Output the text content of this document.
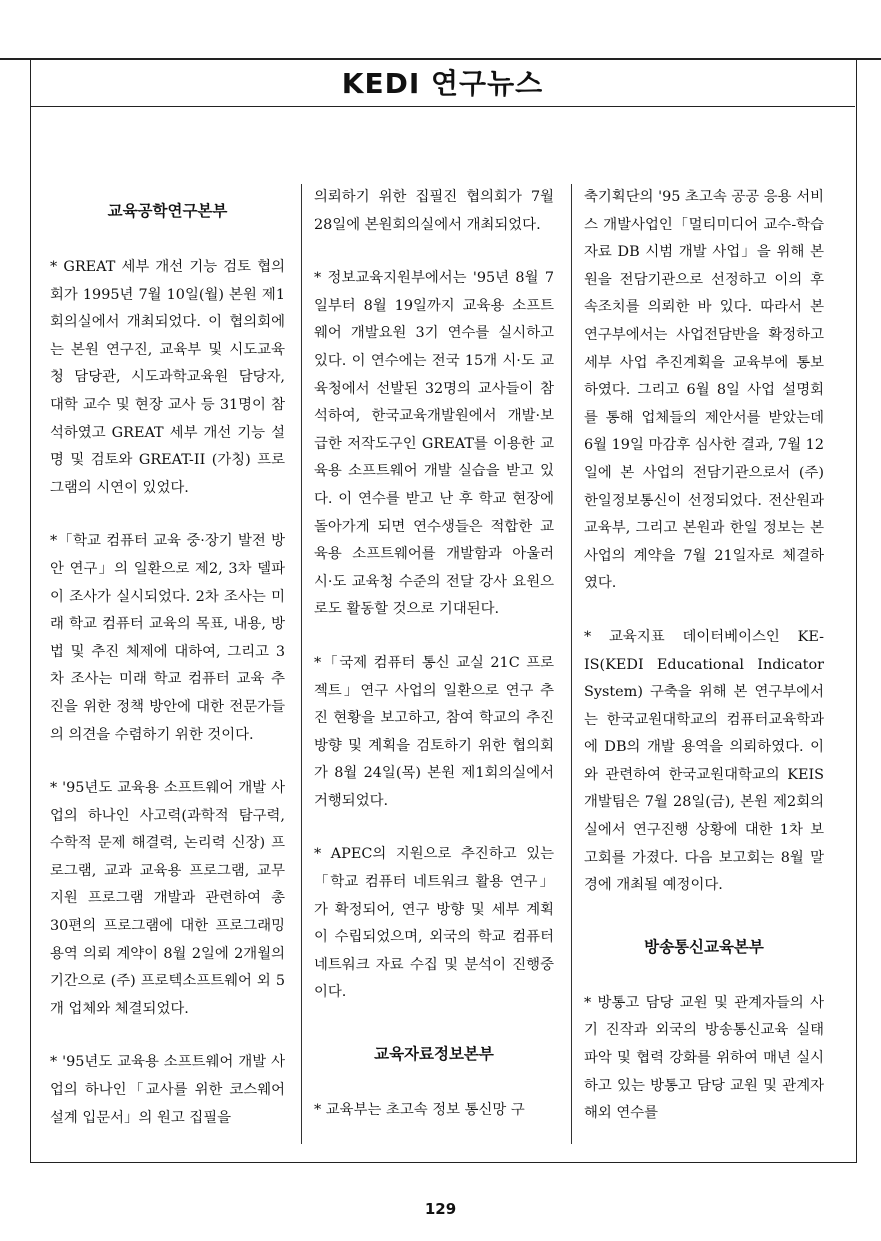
KEDI 연구뉴스
교육공학연구본부

* GREAT 세부 개선 기능 검토 협의회가 1995년 7월 10일(월) 본원 제1회의실에서 개최되었다. 이 협의회에는 본원 연구진, 교육부 및 시도교육청 담당관, 시도과학교육원 담당자, 대학 교수 및 현장 교사 등 31명이 참석하였고 GREAT 세부 개선 기능 설명 및 검토와 GREAT-II (가칭) 프로그램의 시연이 있었다.

*「학교 컴퓨터 교육 중·장기 발전 방안 연구」의 일환으로 제2, 3차 델파이 조사가 실시되었다. 2차 조사는 미래 학교 컴퓨터 교육의 목표, 내용, 방법 및 추진 체제에 대하여, 그리고 3차 조사는 미래 학교 컴퓨터 교육 추진을 위한 정책 방안에 대한 전문가들의 의견을 수렴하기 위한 것이다.

* '95년도 교육용 소프트웨어 개발 사업의 하나인 사고력(과학적 탐구력, 수학적 문제 해결력, 논리력 신장) 프로그램, 교과 교육용 프로그램, 교무 지원 프로그램 개발과 관련하여 총 30편의 프로그램에 대한 프로그래밍 용역 의뢰 계약이 8월 2일에 2개월의 기간으로 (주) 프로텍소프트웨어 외 5개 업체와 체결되었다.

* '95년도 교육용 소프트웨어 개발 사업의 하나인「교사를 위한 코스웨어 설계 입문서」의 원고 집필을

의뢰하기 위한 집필진 협의회가 7월 28일에 본원회의실에서 개최되었다.

* 정보교육지원부에서는 '95년 8월 7일부터 8월 19일까지 교육용 소프트웨어 개발요원 3기 연수를 실시하고 있다. 이 연수에는 전국 15개 시·도 교육청에서 선발된 32명의 교사들이 참석하여, 한국교육개발원에서 개발·보급한 저작도구인 GREAT를 이용한 교육용 소프트웨어 개발 실습을 받고 있다. 이 연수를 받고 난 후 학교 현장에 돌아가게 되면 연수생들은 적합한 교육용 소프트웨어를 개발함과 아울러 시·도 교육청 수준의 전달 강사 요원으로도 활동할 것으로 기대된다.

*「국제 컴퓨터 통신 교실 21C 프로젝트」연구 사업의 일환으로 연구 추진 현황을 보고하고, 참여 학교의 추진 방향 및 계획을 검토하기 위한 협의회가 8월 24일(목) 본원 제1회의실에서 거행되었다.

* APEC의 지원으로 추진하고 있는「학교 컴퓨터 네트워크 활용 연구」가 확정되어, 연구 방향 및 세부 계획이 수립되었으며, 외국의 학교 컴퓨터 네트워크 자료 수집 및 분석이 진행중이다.

교육자료정보본부

* 교육부는 초고속 정보 통신망 구

축기획단의 '95 초고속 공공 응용 서비스 개발사업인「멀티미디어 교수-학습자료 DB 시범 개발 사업」을 위해 본원을 전담기관으로 선정하고 이의 후속조치를 의뢰한 바 있다. 따라서 본 연구부에서는 사업전담반을 확정하고 세부 사업 추진계획을 교육부에 통보하였다. 그리고 6월 8일 사업 설명회를 통해 업체들의 제안서를 받았는데 6월 19일 마감후 심사한 결과, 7월 12일에 본 사업의 전담기관으로서 (주) 한일정보통신이 선정되었다. 전산원과 교육부, 그리고 본원과 한일 정보는 본 사업의 계약을 7월 21일자로 체결하였다.

* 교육지표 데이터베이스인 KE-IS(KEDI Educational Indicator System) 구축을 위해 본 연구부에서는 한국교원대학교의 컴퓨터교육학과에 DB의 개발 용역을 의뢰하였다. 이와 관련하여 한국교원대학교의 KEIS 개발팀은 7월 28일(금), 본원 제2회의실에서 연구진행 상황에 대한 1차 보고회를 가졌다. 다음 보고회는 8월 말경에 개최될 예정이다.

방송통신교육본부

* 방통고 담당 교원 및 관계자들의 사기 진작과 외국의 방송통신교육 실태 파악 및 협력 강화를 위하여 매년 실시하고 있는 방통고 담당 교원 및 관계자 해외 연수를

129
